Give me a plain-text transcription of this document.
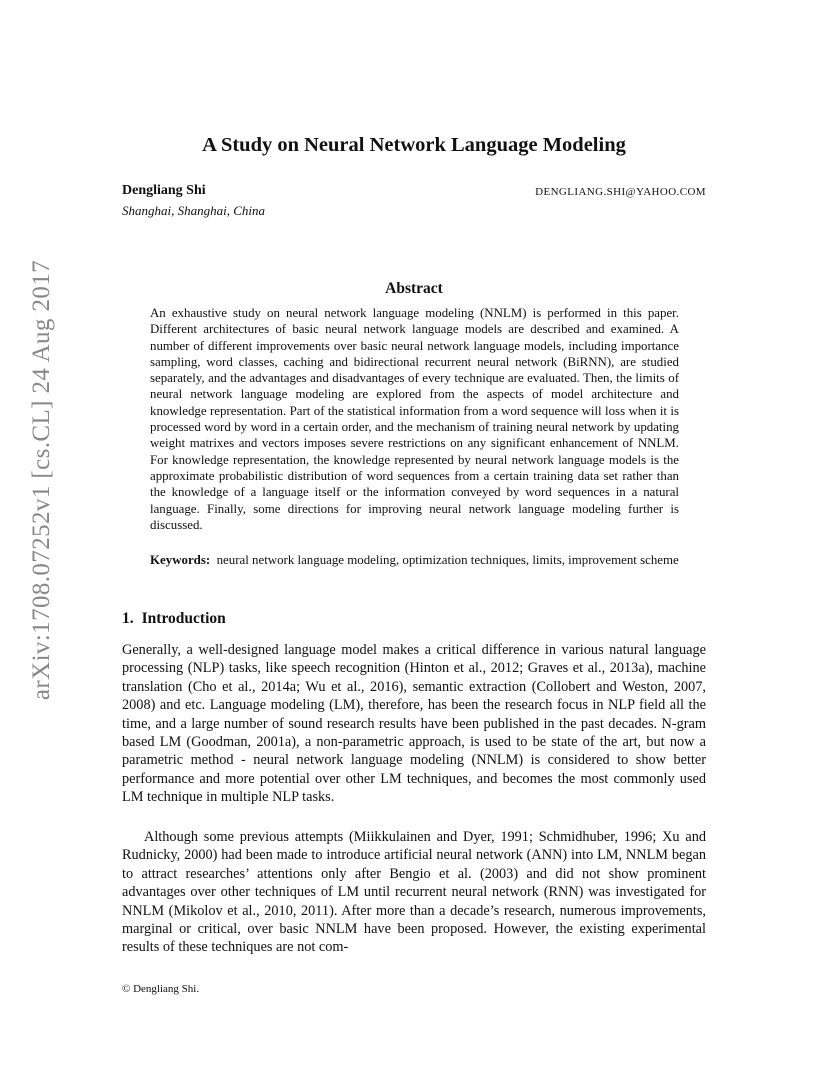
arXiv:1708.07252v1 [cs.CL] 24 Aug 2017
A Study on Neural Network Language Modeling
Dengliang Shi	DENGLIANG.SHI@YAHOO.COM
Shanghai, Shanghai, China
Abstract
An exhaustive study on neural network language modeling (NNLM) is performed in this paper. Different architectures of basic neural network language models are described and examined. A number of different improvements over basic neural network language models, including importance sampling, word classes, caching and bidirectional recurrent neural network (BiRNN), are studied separately, and the advantages and disadvantages of every technique are evaluated. Then, the limits of neural network language modeling are explored from the aspects of model architecture and knowledge representation. Part of the statistical information from a word sequence will loss when it is processed word by word in a certain order, and the mechanism of training neural network by updating weight matrixes and vectors imposes severe restrictions on any significant enhancement of NNLM. For knowledge representation, the knowledge represented by neural network language models is the approximate probabilistic distribution of word sequences from a certain training data set rather than the knowledge of a language itself or the information conveyed by word sequences in a natural language. Finally, some directions for improving neural network language modeling further is discussed.
Keywords: neural network language modeling, optimization techniques, limits, improvement scheme
1. Introduction
Generally, a well-designed language model makes a critical difference in various natural language processing (NLP) tasks, like speech recognition (Hinton et al., 2012; Graves et al., 2013a), machine translation (Cho et al., 2014a; Wu et al., 2016), semantic extraction (Collobert and Weston, 2007, 2008) and etc. Language modeling (LM), therefore, has been the research focus in NLP field all the time, and a large number of sound research results have been published in the past decades. N-gram based LM (Goodman, 2001a), a non-parametric approach, is used to be state of the art, but now a parametric method - neural network language modeling (NNLM) is considered to show better performance and more potential over other LM techniques, and becomes the most commonly used LM technique in multiple NLP tasks.
Although some previous attempts (Miikkulainen and Dyer, 1991; Schmidhuber, 1996; Xu and Rudnicky, 2000) had been made to introduce artificial neural network (ANN) into LM, NNLM began to attract researches’ attentions only after Bengio et al. (2003) and did not show prominent advantages over other techniques of LM until recurrent neural network (RNN) was investigated for NNLM (Mikolov et al., 2010, 2011). After more than a decade’s research, numerous improvements, marginal or critical, over basic NNLM have been proposed. However, the existing experimental results of these techniques are not com-
© Dengliang Shi.
